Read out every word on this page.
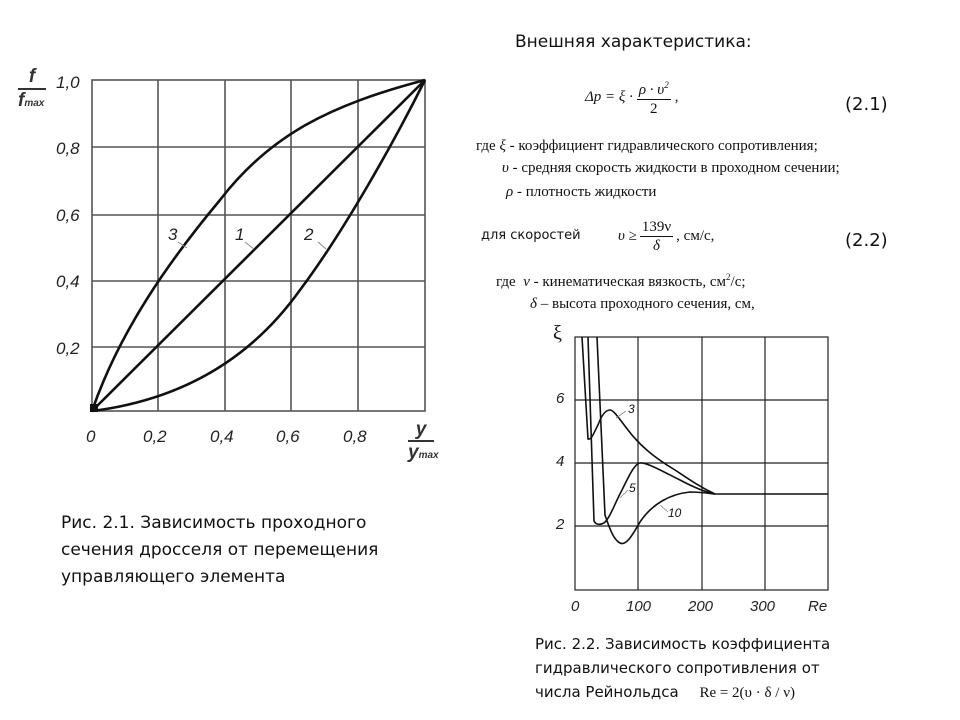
Внешняя характеристика:
$\Delta p = \xi \cdot \frac{\rho \cdot \upsilon^2}{2}$ ,	(2.1)
где ξ - коэффициент гидравлического сопротивления;
υ - средняя скорость жидкости в проходном сечении;
ρ - плотность жидкости
для скоростей $\upsilon \ge \frac{139\nu}{\delta}$ , см/с,	(2.2)
где ν - кинематическая вязкость, $см^2/с$;
δ – высота проходного сечения, см,
f
fmax
1,0
0,8
0,6
0,4
0,2
0	0,2	0,4 0,6	0,8	y
ymax
3	1	2
ξ
6
4
2
0	100 200 300 Re
3
5
10
Рис. 2.1. Зависимость проходного
сечения дросселя от перемещения
управляющего элемента
Рис. 2.2. Зависимость коэффициента
гидравлического сопротивления от
числа Рейнольдса Re = 2(υ · δ / ν)
